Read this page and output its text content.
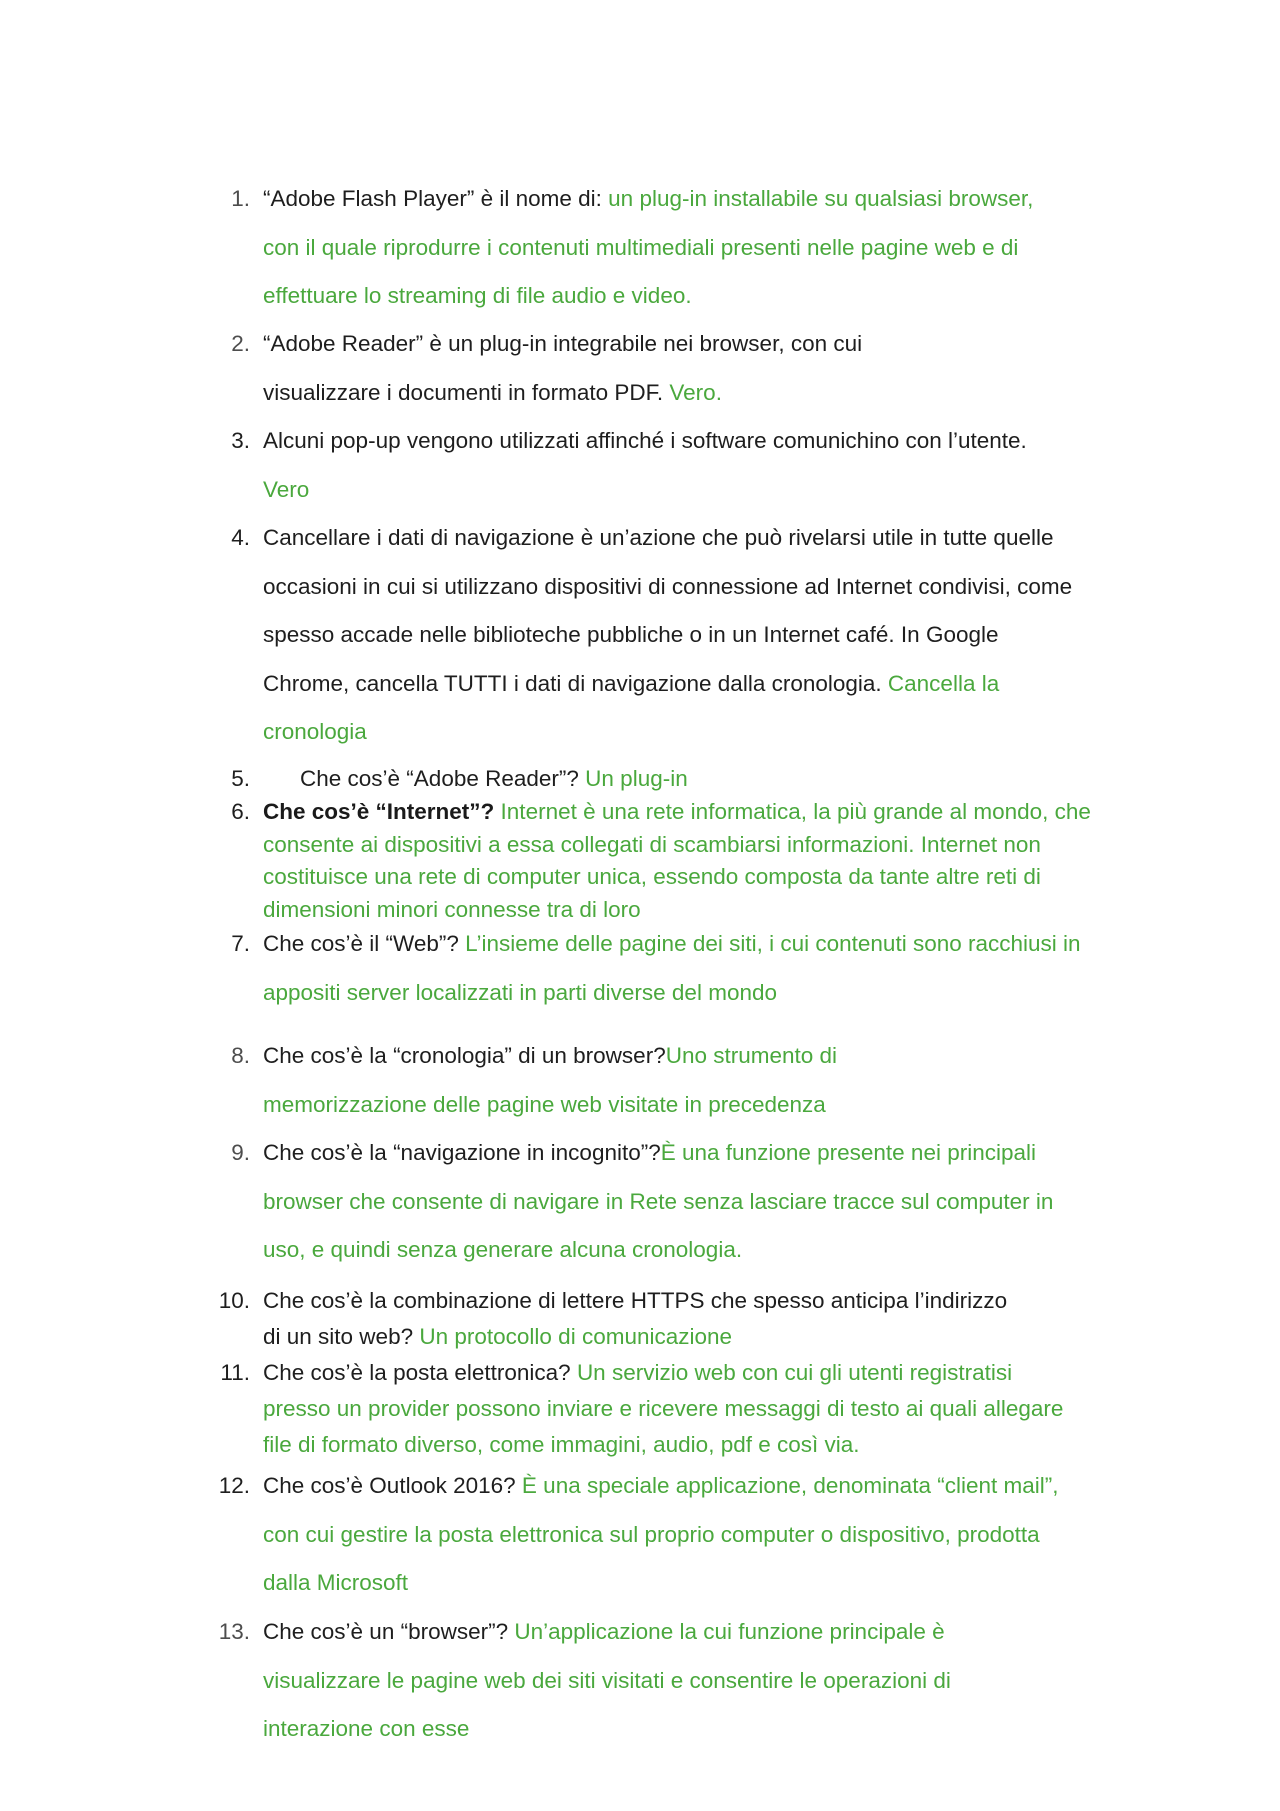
1. “Adobe Flash Player” è il nome di: un plug-in installabile su qualsiasi browser,
con il quale riprodurre i contenuti multimediali presenti nelle pagine web e di
effettuare lo streaming di file audio e video.
2. “Adobe Reader” è un plug-in integrabile nei browser, con cui
visualizzare i documenti in formato PDF. Vero.
3. Alcuni pop-up vengono utilizzati affinché i software comunichino con l’utente.
Vero
4. Cancellare i dati di navigazione è un’azione che può rivelarsi utile in tutte quelle
occasioni in cui si utilizzano dispositivi di connessione ad Internet condivisi, come
spesso accade nelle biblioteche pubbliche o in un Internet café. In Google
Chrome, cancella TUTTI i dati di navigazione dalla cronologia. Cancella la
cronologia
5.	Che cos’è “Adobe Reader”? Un plug-in
6. Che cos’è “Internet”? Internet è una rete informatica, la più grande al mondo, che
consente ai dispositivi a essa collegati di scambiarsi informazioni. Internet non
costituisce una rete di computer unica, essendo composta da tante altre reti di
dimensioni minori connesse tra di loro
7. Che cos’è il “Web”? L’insieme delle pagine dei siti, i cui contenuti sono racchiusi in
appositi server localizzati in parti diverse del mondo
8. Che cos’è la “cronologia” di un browser?Uno strumento di
memorizzazione delle pagine web visitate in precedenza
9. Che cos’è la “navigazione in incognito”?È una funzione presente nei principali
browser che consente di navigare in Rete senza lasciare tracce sul computer in
uso, e quindi senza generare alcuna cronologia.
10. Che cos’è la combinazione di lettere HTTPS che spesso anticipa l’indirizzo
di un sito web? Un protocollo di comunicazione
11. Che cos’è la posta elettronica? Un servizio web con cui gli utenti registratisi
presso un provider possono inviare e ricevere messaggi di testo ai quali allegare
file di formato diverso, come immagini, audio, pdf e così via.
12. Che cos’è Outlook 2016? È una speciale applicazione, denominata “client mail”,
con cui gestire la posta elettronica sul proprio computer o dispositivo, prodotta
dalla Microsoft
13. Che cos’è un “browser”? Un’applicazione la cui funzione principale è
visualizzare le pagine web dei siti visitati e consentire le operazioni di
interazione con esse
